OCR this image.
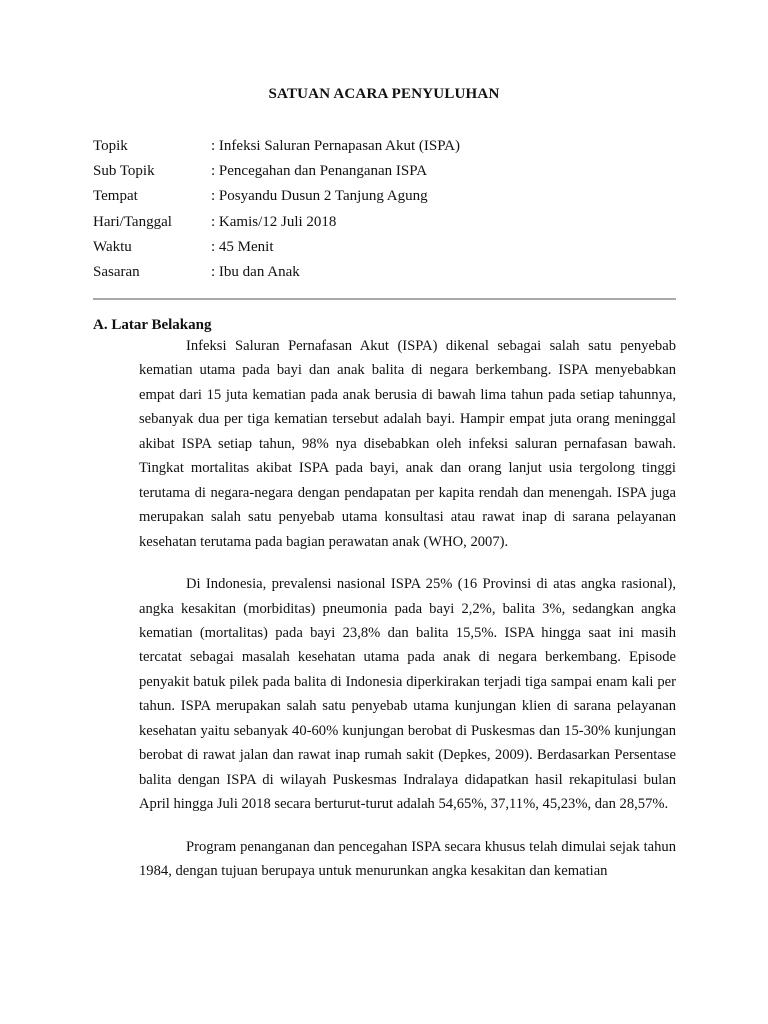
SATUAN ACARA PENYULUHAN
Topik	: Infeksi Saluran Pernapasan Akut (ISPA)
Sub Topik	: Pencegahan dan Penanganan ISPA
Tempat	: Posyandu Dusun 2 Tanjung Agung
Hari/Tanggal	: Kamis/12 Juli 2018
Waktu	: 45 Menit
Sasaran	: Ibu dan Anak
A. Latar Belakang

Infeksi Saluran Pernafasan Akut (ISPA) dikenal sebagai salah satu penyebab kematian utama pada bayi dan anak balita di negara berkembang. ISPA menyebabkan empat dari 15 juta kematian pada anak berusia di bawah lima tahun pada setiap tahunnya, sebanyak dua per tiga kematian tersebut adalah bayi. Hampir empat juta orang meninggal akibat ISPA setiap tahun, 98% nya disebabkan oleh infeksi saluran pernafasan bawah. Tingkat mortalitas akibat ISPA pada bayi, anak dan orang lanjut usia tergolong tinggi terutama di negara-negara dengan pendapatan per kapita rendah dan menengah. ISPA juga merupakan salah satu penyebab utama konsultasi atau rawat inap di sarana pelayanan kesehatan terutama pada bagian perawatan anak (WHO, 2007).

Di Indonesia, prevalensi nasional ISPA 25% (16 Provinsi di atas angka rasional), angka kesakitan (morbiditas) pneumonia pada bayi 2,2%, balita 3%, sedangkan angka kematian (mortalitas) pada bayi 23,8% dan balita 15,5%. ISPA hingga saat ini masih tercatat sebagai masalah kesehatan utama pada anak di negara berkembang. Episode penyakit batuk pilek pada balita di Indonesia diperkirakan terjadi tiga sampai enam kali per tahun. ISPA merupakan salah satu penyebab utama kunjungan klien di sarana pelayanan kesehatan yaitu sebanyak 40-60% kunjungan berobat di Puskesmas dan 15-30% kunjungan berobat di rawat jalan dan rawat inap rumah sakit (Depkes, 2009). Berdasarkan Persentase balita dengan ISPA di wilayah Puskesmas Indralaya didapatkan hasil rekapitulasi bulan April hingga Juli 2018 secara berturut-turut adalah 54,65%, 37,11%, 45,23%, dan 28,57%.

Program penanganan dan pencegahan ISPA secara khusus telah dimulai sejak tahun 1984, dengan tujuan berupaya untuk menurunkan angka kesakitan dan kematian
